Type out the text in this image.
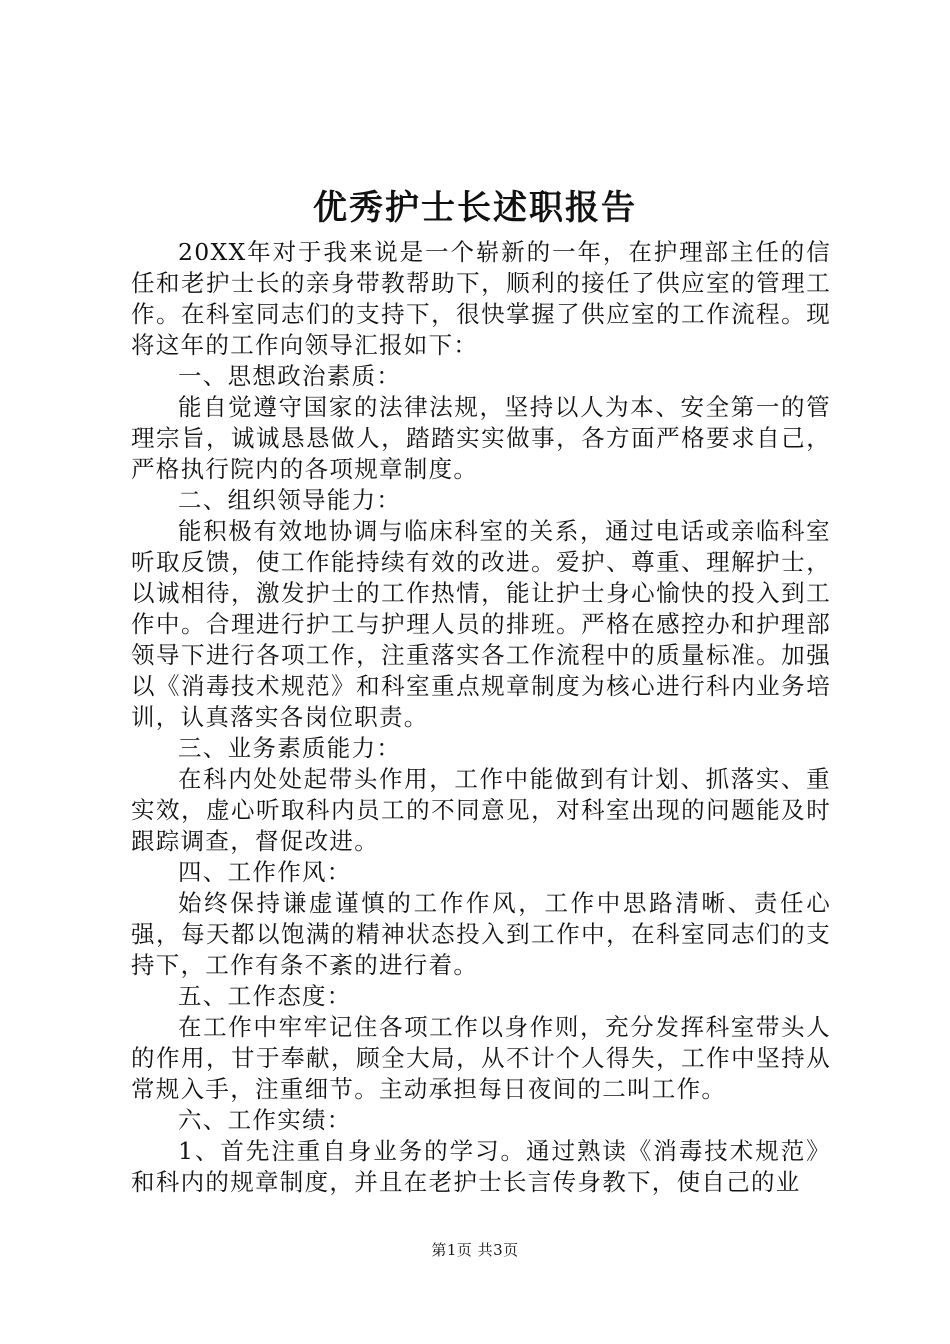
优秀护士长述职报告

20XX年对于我来说是一个崭新的一年，在护理部主任的信任和老护士长的亲身带教帮助下，顺利的接任了供应室的管理工作。在科室同志们的支持下，很快掌握了供应室的工作流程。现将这年的工作向领导汇报如下：

一、思想政治素质：

能自觉遵守国家的法律法规，坚持以人为本、安全第一的管理宗旨，诚诚恳恳做人，踏踏实实做事，各方面严格要求自己，严格执行院内的各项规章制度。

二、组织领导能力：

能积极有效地协调与临床科室的关系，通过电话或亲临科室听取反馈，使工作能持续有效的改进。爱护、尊重、理解护士，以诚相待，激发护士的工作热情，能让护士身心愉快的投入到工作中。合理进行护工与护理人员的排班。严格在感控办和护理部领导下进行各项工作，注重落实各工作流程中的质量标准。加强以《消毒技术规范》和科室重点规章制度为核心进行科内业务培训，认真落实各岗位职责。

三、业务素质能力：

在科内处处起带头作用，工作中能做到有计划、抓落实、重实效，虚心听取科内员工的不同意见，对科室出现的问题能及时跟踪调查，督促改进。

四、工作作风：

始终保持谦虚谨慎的工作作风，工作中思路清晰、责任心强，每天都以饱满的精神状态投入到工作中，在科室同志们的支持下，工作有条不紊的进行着。

五、工作态度：

在工作中牢牢记住各项工作以身作则，充分发挥科室带头人的作用，甘于奉献，顾全大局，从不计个人得失，工作中坚持从常规入手，注重细节。主动承担每日夜间的二叫工作。

六、工作实绩：

1、首先注重自身业务的学习。通过熟读《消毒技术规范》和科内的规章制度，并且在老护士长言传身教下，使自己的业

第1页 共3页
